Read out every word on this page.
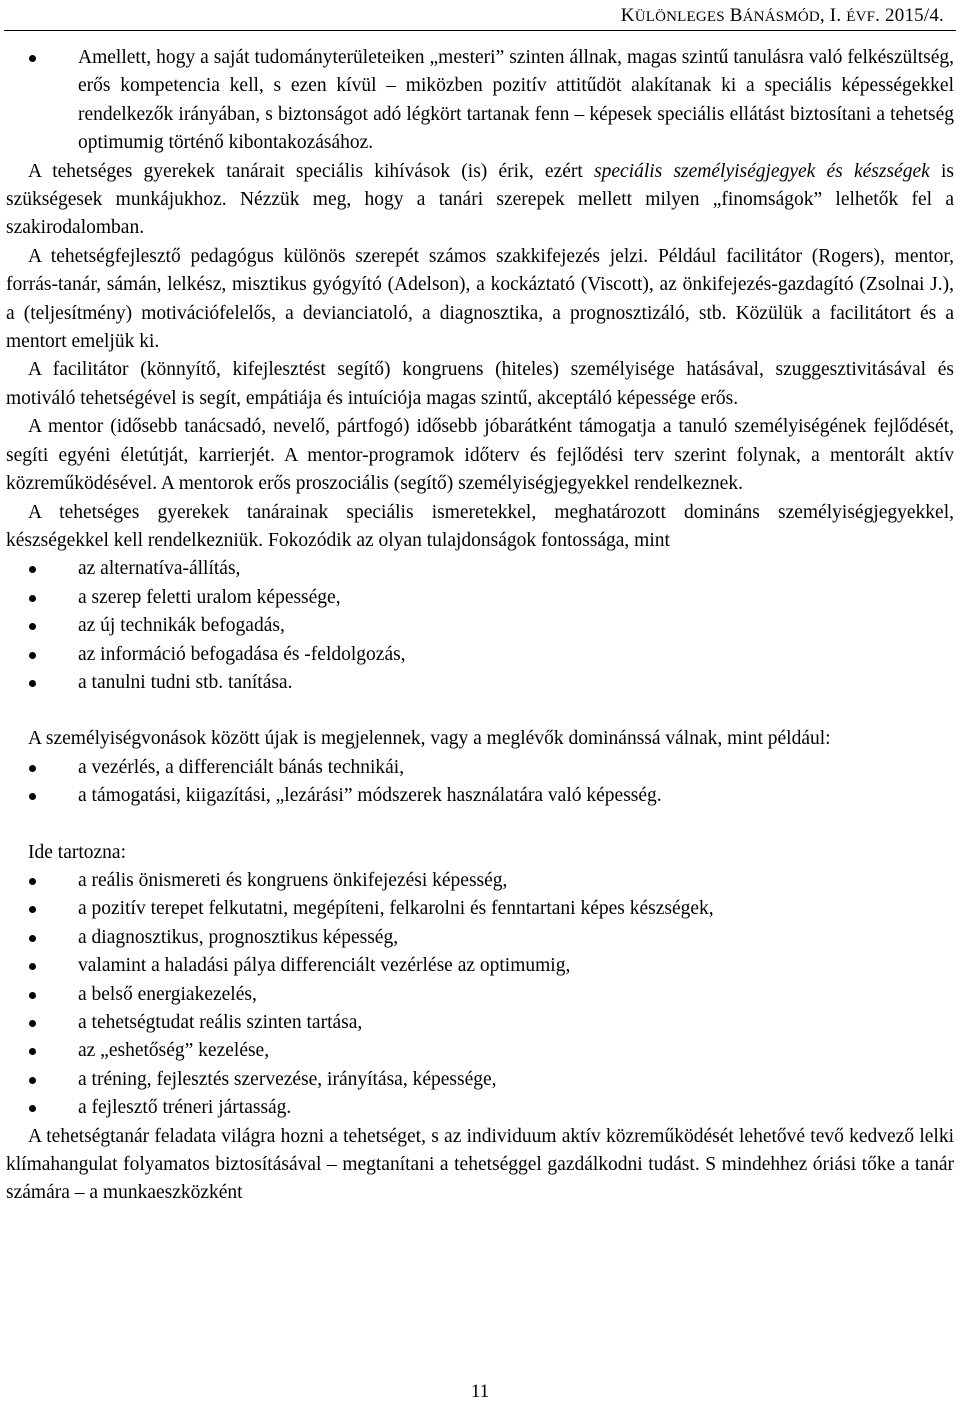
KÜLÖNLEGES BÁNÁSMÓD, I. ÉVF. 2015/4.
Amellett, hogy a saját tudományterületeiken „mesteri” szinten állnak, magas szintű tanulásra való felkészültség, erős kompetencia kell, s ezen kívül – miközben pozitív attitűdöt alakítanak ki a speciális képességekkel rendelkezők irányában, s biztonságot adó légkört tartanak fenn – képesek speciális ellátást biztosítani a tehetség optimumig történő kibontakozásához.

A tehetséges gyerekek tanárait speciális kihívások (is) érik, ezért speciális személyiségjegyek és készségek is szükségesek munkájukhoz. Nézzük meg, hogy a tanári szerepek mellett milyen „finomságok” lelhetők fel a szakirodalomban.

A tehetségfejlesztő pedagógus különös szerepét számos szakkifejezés jelzi. Például facilitátor (Rogers), mentor, forrás-tanár, sámán, lelkész, misztikus gyógyító (Adelson), a kockáztató (Viscott), az önkifejezés-gazdagító (Zsolnai J.), a (teljesítmény) motivációfelelős, a devianciatoló, a diagnosztika, a prognosztizáló, stb. Közülük a facilitátort és a mentort emeljük ki.

A facilitátor (könnyítő, kifejlesztést segítő) kongruens (hiteles) személyisége hatásával, szuggesztivitásával és motiváló tehetségével is segít, empátiája és intuíciója magas szintű, akceptáló képessége erős.

A mentor (idősebb tanácsadó, nevelő, pártfogó) idősebb jóbarátként támogatja a tanuló személyiségének fejlődését, segíti egyéni életútját, karrierjét. A mentor-programok időterv és fejlődési terv szerint folynak, a mentorált aktív közreműködésével. A mentorok erős proszociális (segítő) személyiségjegyekkel rendelkeznek.

A tehetséges gyerekek tanárainak speciális ismeretekkel, meghatározott domináns személyiségjegyekkel, készségekkel kell rendelkezniük. Fokozódik az olyan tulajdonságok fontossága, mint

az alternatíva-állítás,
a szerep feletti uralom képessége,
az új technikák befogadás,
az információ befogadása és -feldolgozás,
a tanulni tudni stb. tanítása.

A személyiségvonások között újak is megjelennek, vagy a meglévők dominánssá válnak, mint például:

a vezérlés, a differenciált bánás technikái,
a támogatási, kiigazítási, „lezárási” módszerek használatára való képesség.

Ide tartozna:

a reális önismereti és kongruens önkifejezési képesség,
a pozitív terepet felkutatni, megépíteni, felkarolni és fenntartani képes készségek,
a diagnosztikus, prognosztikus képesség,
valamint a haladási pálya differenciált vezérlése az optimumig,
a belső energiakezelés,
a tehetségtudat reális szinten tartása,
az „eshetőség” kezelése,
a tréning, fejlesztés szervezése, irányítása, képessége,
a fejlesztő tréneri jártasság.

A tehetségtanár feladata világra hozni a tehetséget, s az individuum aktív közreműködését lehetővé tevő kedvező lelki klímahangulat folyamatos biztosításával – megtanítani a tehetséggel gazdálkodni tudást. S mindehhez óriási tőke a tanár számára – a munkaeszközként

11
